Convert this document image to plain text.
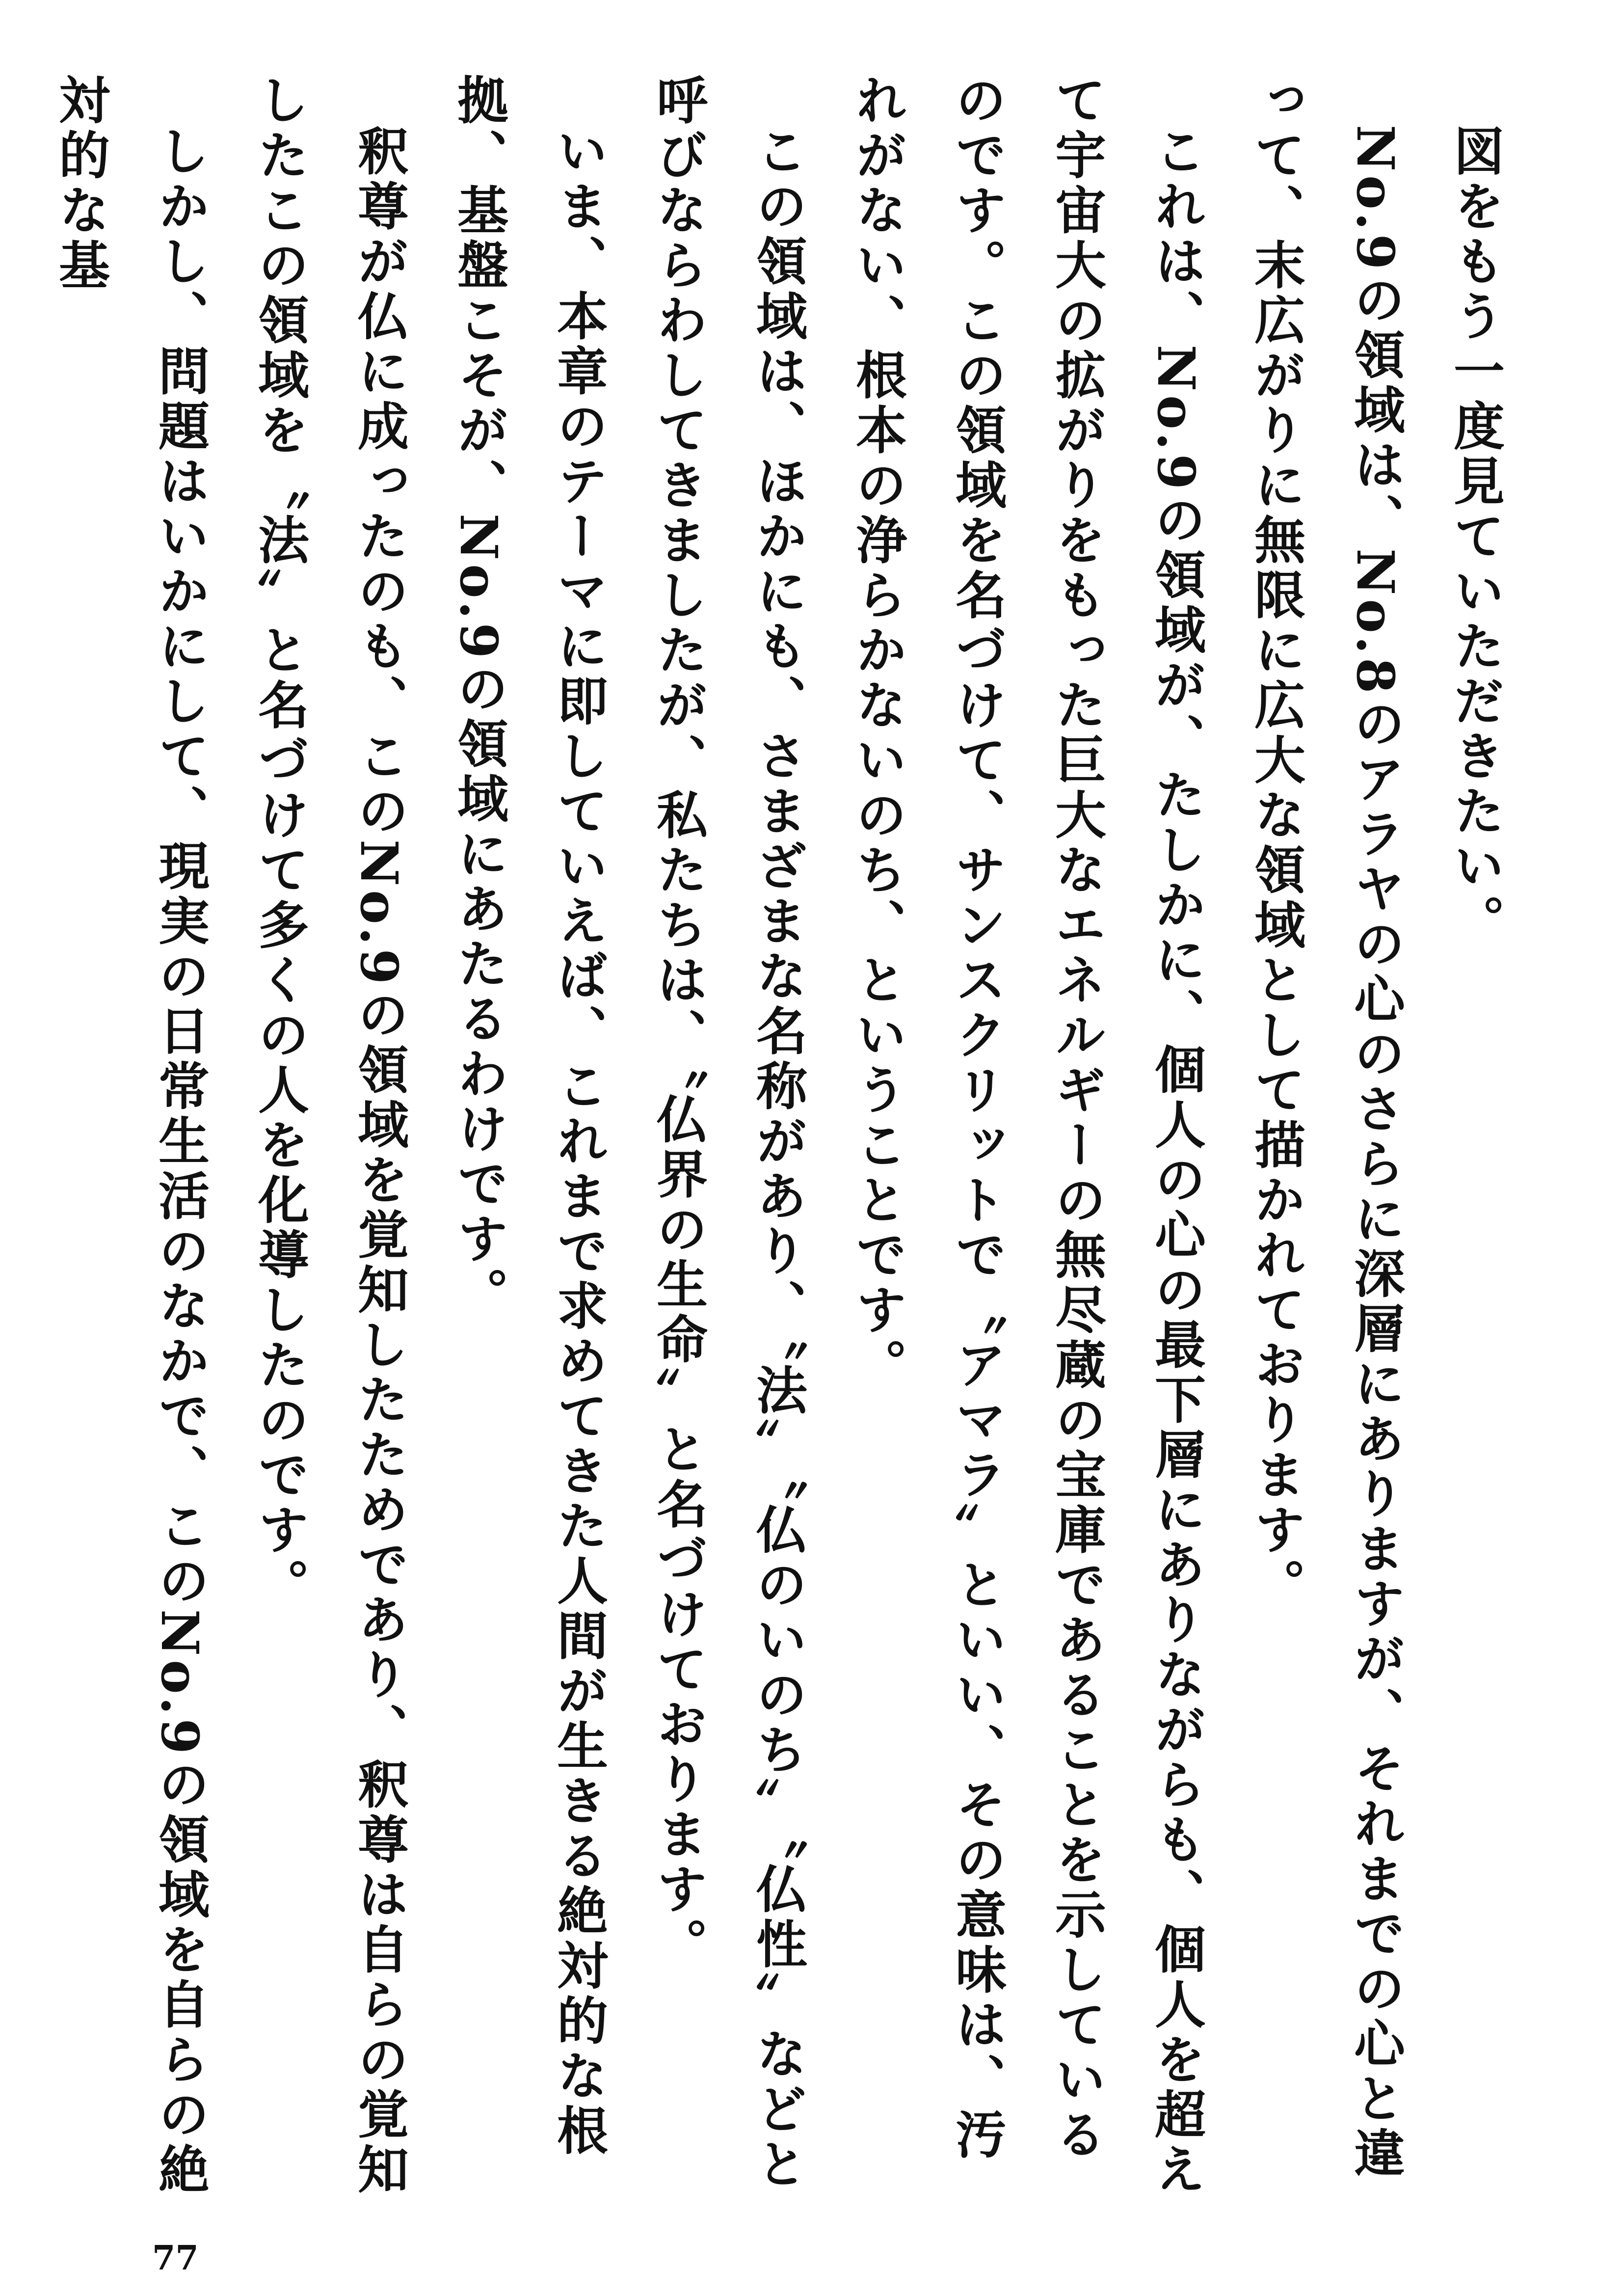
図をもう一度見ていただきたい。

No.9の領域は、No.8のアラヤの心のさらに深層にありますが、それまでの心と違って、末広がりに無限に広大な領域として描かれております。

これは、No.9の領域が、たしかに、個人の心の最下層にありながらも、個人を超えて宇宙大の拡がりをもった巨大なエネルギーの無尽蔵の宝庫であることを示しているのです。この領域を名づけて、サンスクリットで〝アマラ〟といい、その意味は、汚れがない、根本の浄らかないのち、ということです。

この領域は、ほかにも、さまざまな名称があり、〝法〟〝仏のいのち〟〝仏性〟などと呼びならわしてきましたが、私たちは、〝仏界の生命〟と名づけております。

いま、本章のテーマに即していえば、これまで求めてきた人間が生きる絶対的な根拠、基盤こそが、No.9の領域にあたるわけです。

釈尊が仏に成ったのも、このNo.9の領域を覚知したためであり、釈尊は自らの覚知したこの領域を〝法〟と名づけて多くの人を化導したのです。

しかし、問題はいかにして、現実の日常生活のなかで、このNo.9の領域を自らの絶対的な基

77
